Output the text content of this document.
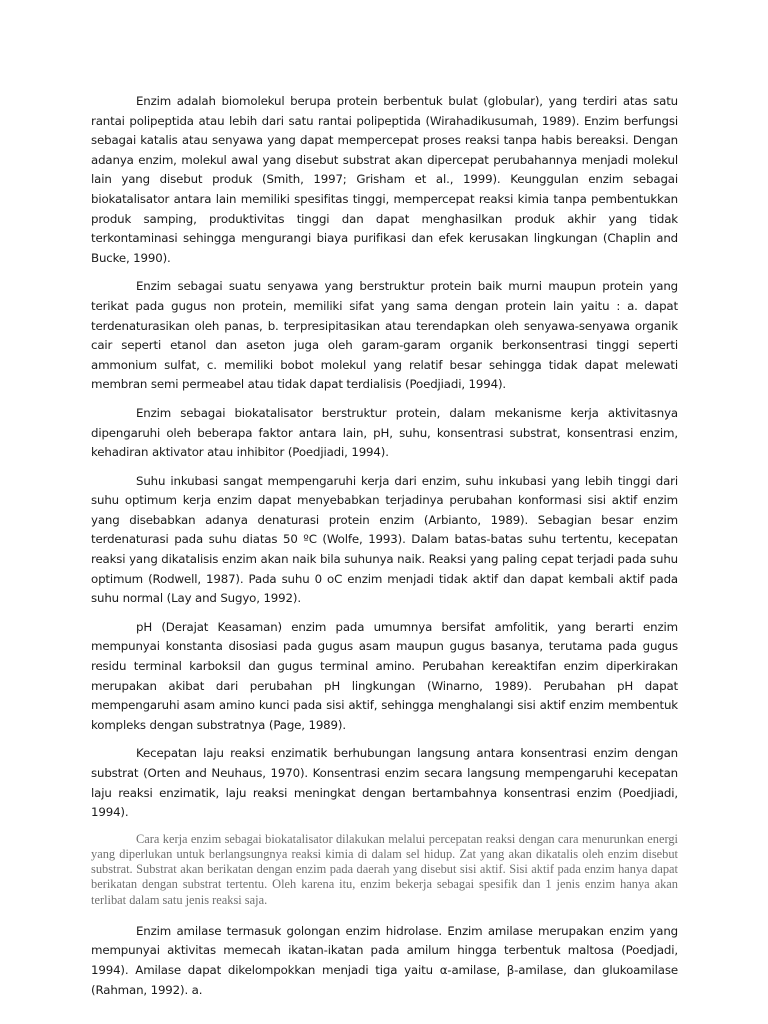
Enzim adalah biomolekul berupa protein berbentuk bulat (globular), yang terdiri atas satu rantai polipeptida atau lebih dari satu rantai polipeptida (Wirahadikusumah, 1989). Enzim berfungsi sebagai katalis atau senyawa yang dapat mempercepat proses reaksi tanpa habis bereaksi. Dengan adanya enzim, molekul awal yang disebut substrat akan dipercepat perubahannya menjadi molekul lain yang disebut produk (Smith, 1997; Grisham et al., 1999). Keunggulan enzim sebagai biokatalisator antara lain memiliki spesifitas tinggi, mempercepat reaksi kimia tanpa pembentukkan produk samping, produktivitas tinggi dan dapat menghasilkan produk akhir yang tidak terkontaminasi sehingga mengurangi biaya purifikasi dan efek kerusakan lingkungan (Chaplin and Bucke, 1990).

Enzim sebagai suatu senyawa yang berstruktur protein baik murni maupun protein yang terikat pada gugus non protein, memiliki sifat yang sama dengan protein lain yaitu : a. dapat terdenaturasikan oleh panas, b. terpresipitasikan atau terendapkan oleh senyawa-senyawa organik cair seperti etanol dan aseton juga oleh garam-garam organik berkonsentrasi tinggi seperti ammonium sulfat, c. memiliki bobot molekul yang relatif besar sehingga tidak dapat melewati membran semi permeabel atau tidak dapat terdialisis (Poedjiadi, 1994).

Enzim sebagai biokatalisator berstruktur protein, dalam mekanisme kerja aktivitasnya dipengaruhi oleh beberapa faktor antara lain, pH, suhu, konsentrasi substrat, konsentrasi enzim, kehadiran aktivator atau inhibitor (Poedjiadi, 1994).

Suhu inkubasi sangat mempengaruhi kerja dari enzim, suhu inkubasi yang lebih tinggi dari suhu optimum kerja enzim dapat menyebabkan terjadinya perubahan konformasi sisi aktif enzim yang disebabkan adanya denaturasi protein enzim (Arbianto, 1989). Sebagian besar enzim terdenaturasi pada suhu diatas 50 ºC (Wolfe, 1993). Dalam batas-batas suhu tertentu, kecepatan reaksi yang dikatalisis enzim akan naik bila suhunya naik. Reaksi yang paling cepat terjadi pada suhu optimum (Rodwell, 1987). Pada suhu 0 oC enzim menjadi tidak aktif dan dapat kembali aktif pada suhu normal (Lay and Sugyo, 1992).

pH (Derajat Keasaman) enzim pada umumnya bersifat amfolitik, yang berarti enzim mempunyai konstanta disosiasi pada gugus asam maupun gugus basanya, terutama pada gugus residu terminal karboksil dan gugus terminal amino. Perubahan kereaktifan enzim diperkirakan merupakan akibat dari perubahan pH lingkungan (Winarno, 1989). Perubahan pH dapat mempengaruhi asam amino kunci pada sisi aktif, sehingga menghalangi sisi aktif enzim membentuk kompleks dengan substratnya (Page, 1989).

Kecepatan laju reaksi enzimatik berhubungan langsung antara konsentrasi enzim dengan substrat (Orten and Neuhaus, 1970). Konsentrasi enzim secara langsung mempengaruhi kecepatan laju reaksi enzimatik, laju reaksi meningkat dengan bertambahnya konsentrasi enzim (Poedjiadi, 1994).

Cara kerja enzim sebagai biokatalisator dilakukan melalui percepatan reaksi dengan cara menurunkan energi yang diperlukan untuk berlangsungnya reaksi kimia di dalam sel hidup. Zat yang akan dikatalis oleh enzim disebut substrat. Substrat akan berikatan dengan enzim pada daerah yang disebut sisi aktif. Sisi aktif pada enzim hanya dapat berikatan dengan substrat tertentu. Oleh karena itu, enzim bekerja sebagai spesifik dan 1 jenis enzim hanya akan terlibat dalam satu jenis reaksi saja.

Enzim amilase termasuk golongan enzim hidrolase. Enzim amilase merupakan enzim yang mempunyai aktivitas memecah ikatan-ikatan pada amilum hingga terbentuk maltosa (Poedjadi, 1994). Amilase dapat dikelompokkan menjadi tiga yaitu α-amilase, β-amilase, dan glukoamilase (Rahman, 1992). a.
